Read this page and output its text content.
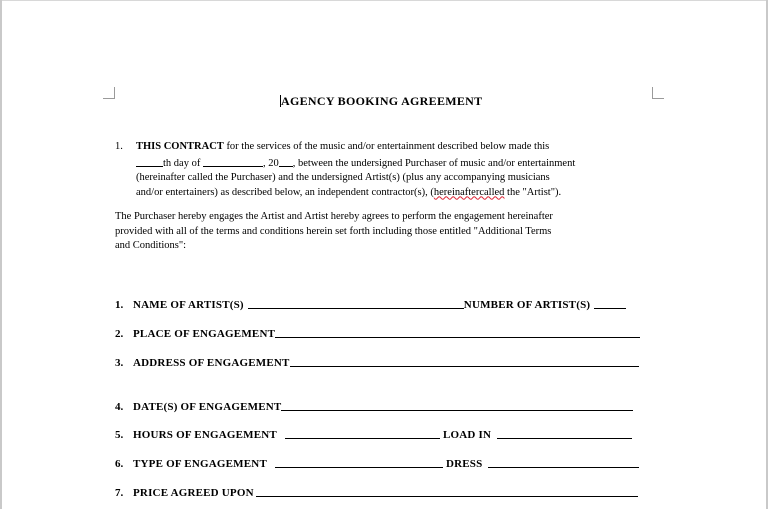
AGENCY BOOKING AGREEMENT
1. THIS CONTRACT for the services of the music and/or entertainment described below made this
th day of	, 20 , between the undersigned Purchaser of music and/or entertainment
(hereinafter called the Purchaser) and the undersigned Artist(s) (plus any accompanying musicians
and/or entertainers) as described below, an independent contractor(s), (hereinaftercalled the "Artist").
The Purchaser hereby engages the Artist and Artist hereby agrees to perform the engagement hereinafter
provided with all of the terms and conditions herein set forth including those entitled "Additional Terms
and Conditions":
1. NAME OF ARTIST(S)	NUMBER OF ARTIST(S)
2. PLACE OF ENGAGEMENT
3. ADDRESS OF ENGAGEMENT
4. DATE(S) OF ENGAGEMENT
5. HOURS OF ENGAGEMENT	LOAD IN
6. TYPE OF ENGAGEMENT	DRESS
7. PRICE AGREED UPON
